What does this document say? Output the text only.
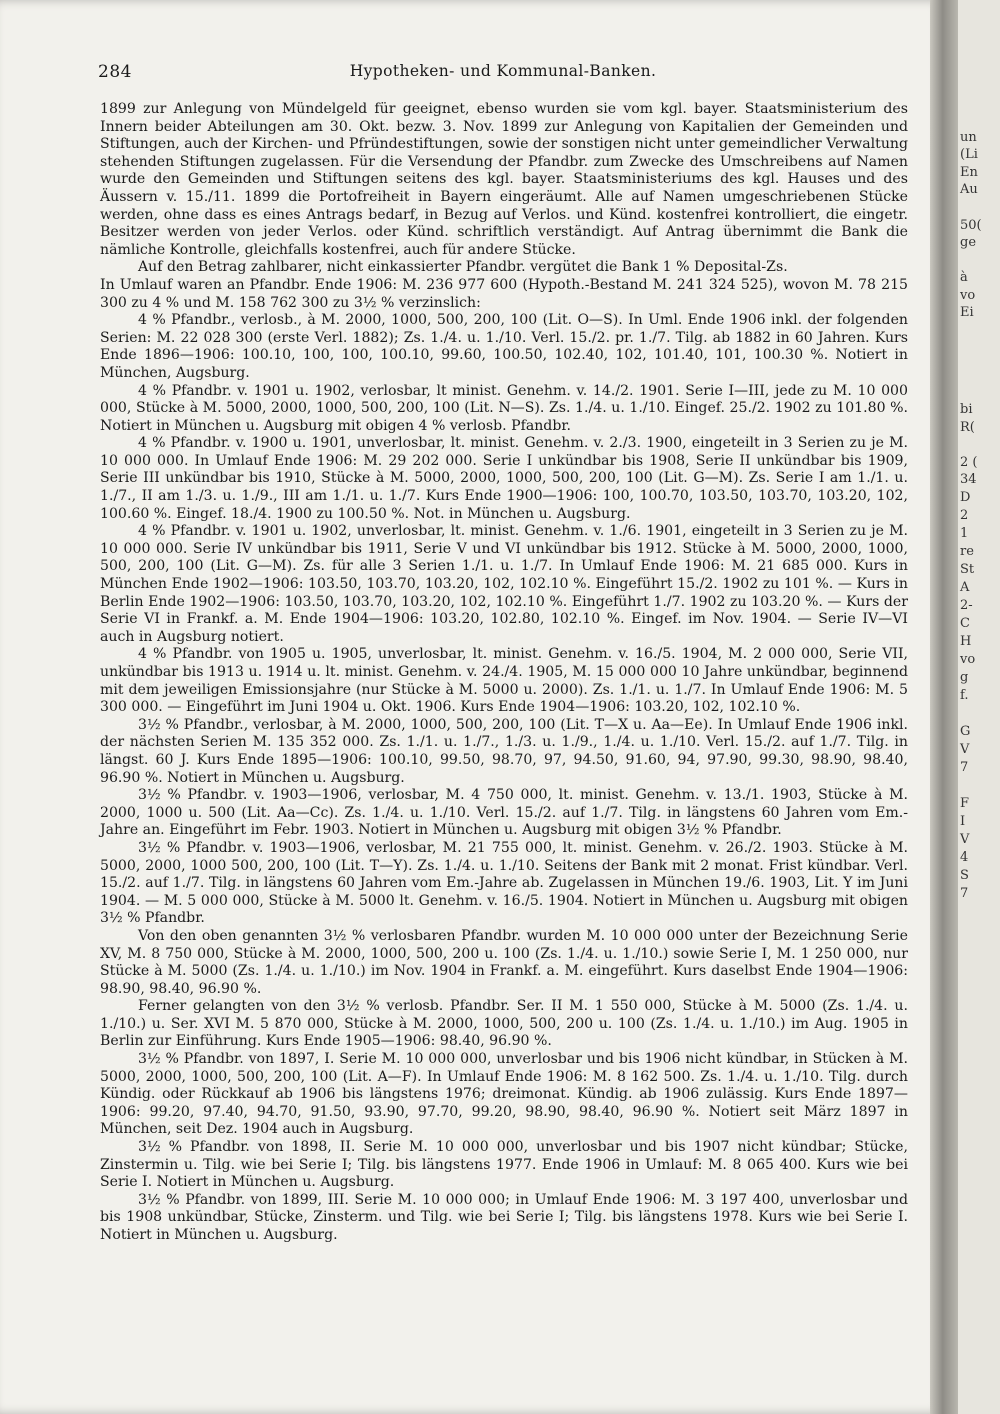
284	Hypotheken- und Kommunal-Banken.

1899 zur Anlegung von Mündelgeld für geeignet, ebenso wurden sie vom kgl. bayer. Staatsministerium des Innern beider Abteilungen am 30. Okt. bezw. 3. Nov. 1899 zur Anlegung von Kapitalien der Gemeinden und Stiftungen, auch der Kirchen- und Pfründestiftungen, sowie der sonstigen nicht unter gemeindlicher Verwaltung stehenden Stiftungen zugelassen. Für die Versendung der Pfandbr. zum Zwecke des Umschreibens auf Namen wurde den Gemeinden und Stiftungen seitens des kgl. bayer. Staatsministeriums des kgl. Hauses und des Äussern v. 15./11. 1899 die Portofreiheit in Bayern eingeräumt. Alle auf Namen umgeschriebenen Stücke werden, ohne dass es eines Antrags bedarf, in Bezug auf Verlos. und Künd. kostenfrei kontrolliert, die eingetr. Besitzer werden von jeder Verlos. oder Künd. schriftlich verständigt. Auf Antrag übernimmt die Bank die nämliche Kontrolle, gleichfalls kostenfrei, auch für andere Stücke.

Auf den Betrag zahlbarer, nicht einkassierter Pfandbr. vergütet die Bank 1 % Deposital-Zs.

In Umlauf waren an Pfandbr. Ende 1906: M. 236 977 600 (Hypoth.-Bestand M. 241 324 525), wovon M. 78 215 300 zu 4 % und M. 158 762 300 zu 3½ % verzinslich:

4 % Pfandbr., verlosb., à M. 2000, 1000, 500, 200, 100 (Lit. O—S). In Uml. Ende 1906 inkl. der folgenden Serien: M. 22 028 300 (erste Verl. 1882); Zs. 1./4. u. 1./10. Verl. 15./2. pr. 1./7. Tilg. ab 1882 in 60 Jahren. Kurs Ende 1896—1906: 100.10, 100, 100, 100.10, 99.60, 100.50, 102.40, 102, 101.40, 101, 100.30 %. Notiert in München, Augsburg.

4 % Pfandbr. v. 1901 u. 1902, verlosbar, lt minist. Genehm. v. 14./2. 1901. Serie I—III, jede zu M. 10 000 000, Stücke à M. 5000, 2000, 1000, 500, 200, 100 (Lit. N—S). Zs. 1./4. u. 1./10. Eingef. 25./2. 1902 zu 101.80 %. Notiert in München u. Augsburg mit obigen 4 % verlosb. Pfandbr.

4 % Pfandbr. v. 1900 u. 1901, unverlosbar, lt. minist. Genehm. v. 2./3. 1900, eingeteilt in 3 Serien zu je M. 10 000 000. In Umlauf Ende 1906: M. 29 202 000. Serie I unkündbar bis 1908, Serie II unkündbar bis 1909, Serie III unkündbar bis 1910, Stücke à M. 5000, 2000, 1000, 500, 200, 100 (Lit. G—M). Zs. Serie I am 1./1. u. 1./7., II am 1./3. u. 1./9., III am 1./1. u. 1./7. Kurs Ende 1900—1906: 100, 100.70, 103.50, 103.70, 103.20, 102, 100.60 %. Eingef. 18./4. 1900 zu 100.50 %. Not. in München u. Augsburg.

4 % Pfandbr. v. 1901 u. 1902, unverlosbar, lt. minist. Genehm. v. 1./6. 1901, eingeteilt in 3 Serien zu je M. 10 000 000. Serie IV unkündbar bis 1911, Serie V und VI unkündbar bis 1912. Stücke à M. 5000, 2000, 1000, 500, 200, 100 (Lit. G—M). Zs. für alle 3 Serien 1./1. u. 1./7. In Umlauf Ende 1906: M. 21 685 000. Kurs in München Ende 1902—1906: 103.50, 103.70, 103.20, 102, 102.10 %. Eingeführt 15./2. 1902 zu 101 %. — Kurs in Berlin Ende 1902—1906: 103.50, 103.70, 103.20, 102, 102.10 %. Eingeführt 1./7. 1902 zu 103.20 %. — Kurs der Serie VI in Frankf. a. M. Ende 1904—1906: 103.20, 102.80, 102.10 %. Eingef. im Nov. 1904. — Serie IV—VI auch in Augsburg notiert.

4 % Pfandbr. von 1905 u. 1905, unverlosbar, lt. minist. Genehm. v. 16./5. 1904, M. 2 000 000, Serie VII, unkündbar bis 1913 u. 1914 u. lt. minist. Genehm. v. 24./4. 1905, M. 15 000 000 10 Jahre unkündbar, beginnend mit dem jeweiligen Emissionsjahre (nur Stücke à M. 5000 u. 2000). Zs. 1./1. u. 1./7. In Umlauf Ende 1906: M. 5 300 000. — Eingeführt im Juni 1904 u. Okt. 1906. Kurs Ende 1904—1906: 103.20, 102, 102.10 %.

3½ % Pfandbr., verlosbar, à M. 2000, 1000, 500, 200, 100 (Lit. T—X u. Aa—Ee). In Umlauf Ende 1906 inkl. der nächsten Serien M. 135 352 000. Zs. 1./1. u. 1./7., 1./3. u. 1./9., 1./4. u. 1./10. Verl. 15./2. auf 1./7. Tilg. in längst. 60 J. Kurs Ende 1895—1906: 100.10, 99.50, 98.70, 97, 94.50, 91.60, 94, 97.90, 99.30, 98.90, 98.40, 96.90 %. Notiert in München u. Augsburg.

3½ % Pfandbr. v. 1903—1906, verlosbar, M. 4 750 000, lt. minist. Genehm. v. 13./1. 1903, Stücke à M. 2000, 1000 u. 500 (Lit. Aa—Cc). Zs. 1./4. u. 1./10. Verl. 15./2. auf 1./7. Tilg. in längstens 60 Jahren vom Em.-Jahre an. Eingeführt im Febr. 1903. Notiert in München u. Augsburg mit obigen 3½ % Pfandbr.

3½ % Pfandbr. v. 1903—1906, verlosbar, M. 21 755 000, lt. minist. Genehm. v. 26./2. 1903. Stücke à M. 5000, 2000, 1000 500, 200, 100 (Lit. T—Y). Zs. 1./4. u. 1./10. Seitens der Bank mit 2 monat. Frist kündbar. Verl. 15./2. auf 1./7. Tilg. in längstens 60 Jahren vom Em.-Jahre ab. Zugelassen in München 19./6. 1903, Lit. Y im Juni 1904. — M. 5 000 000, Stücke à M. 5000 lt. Genehm. v. 16./5. 1904. Notiert in München u. Augsburg mit obigen 3½ % Pfandbr.

Von den oben genannten 3½ % verlosbaren Pfandbr. wurden M. 10 000 000 unter der Bezeichnung Serie XV, M. 8 750 000, Stücke à M. 2000, 1000, 500, 200 u. 100 (Zs. 1./4. u. 1./10.) sowie Serie I, M. 1 250 000, nur Stücke à M. 5000 (Zs. 1./4. u. 1./10.) im Nov. 1904 in Frankf. a. M. eingeführt. Kurs daselbst Ende 1904—1906: 98.90, 98.40, 96.90 %.

Ferner gelangten von den 3½ % verlosb. Pfandbr. Ser. II M. 1 550 000, Stücke à M. 5000 (Zs. 1./4. u. 1./10.) u. Ser. XVI M. 5 870 000, Stücke à M. 2000, 1000, 500, 200 u. 100 (Zs. 1./4. u. 1./10.) im Aug. 1905 in Berlin zur Einführung. Kurs Ende 1905—1906: 98.40, 96.90 %.

3½ % Pfandbr. von 1897, I. Serie M. 10 000 000, unverlosbar und bis 1906 nicht kündbar, in Stücken à M. 5000, 2000, 1000, 500, 200, 100 (Lit. A—F). In Umlauf Ende 1906: M. 8 162 500. Zs. 1./4. u. 1./10. Tilg. durch Kündig. oder Rückkauf ab 1906 bis längstens 1976; dreimonat. Kündig. ab 1906 zulässig. Kurs Ende 1897—1906: 99.20, 97.40, 94.70, 91.50, 93.90, 97.70, 99.20, 98.90, 98.40, 96.90 %. Notiert seit März 1897 in München, seit Dez. 1904 auch in Augsburg.

3½ % Pfandbr. von 1898, II. Serie M. 10 000 000, unverlosbar und bis 1907 nicht kündbar; Stücke, Zinstermin u. Tilg. wie bei Serie I; Tilg. bis längstens 1977. Ende 1906 in Umlauf: M. 8 065 400. Kurs wie bei Serie I. Notiert in München u. Augsburg.

3½ % Pfandbr. von 1899, III. Serie M. 10 000 000; in Umlauf Ende 1906: M. 3 197 400, unverlosbar und bis 1908 unkündbar, Stücke, Zinsterm. und Tilg. wie bei Serie I; Tilg. bis längstens 1978. Kurs wie bei Serie I. Notiert in München u. Augsburg.

un
(Li
En
Au
50(
ge
à
vo
Ei
bi
R(
2 (
34
D
2
1
re
St
A
2-
C
H
vo
g
f.
G
V
7
F
I
V
4
S
7
